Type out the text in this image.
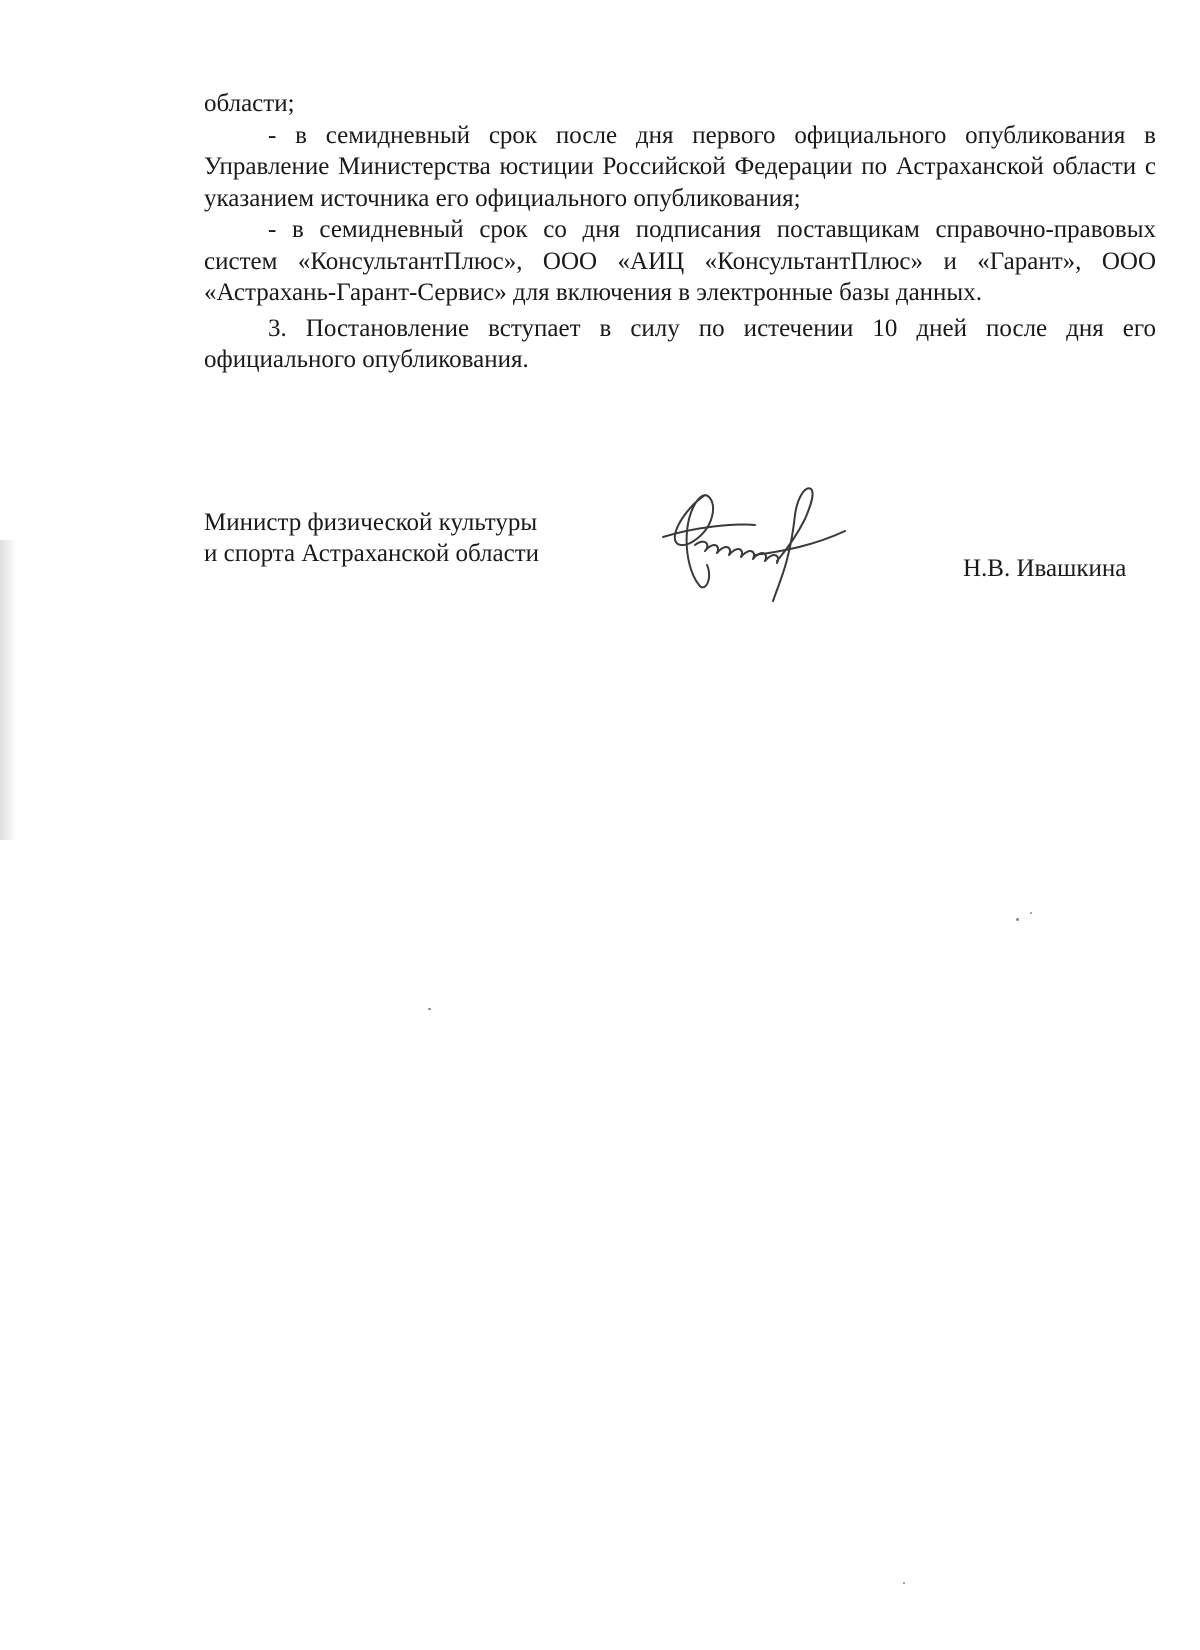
области;

- в семидневный срок после дня первого официального опубликования в Управление Министерства юстиции Российской Федерации по Астраханской области с указанием источника его официального опубликования;

- в семидневный срок со дня подписания поставщикам справочно-правовых систем «КонсультантПлюс», ООО «АИЦ «КонсультантПлюс» и «Гарант», ООО «Астрахань-Гарант-Сервис» для включения в электронные базы данных.

3. Постановление вступает в силу по истечении 10 дней после дня его официального опубликования.

Министр физической культуры
и спорта Астраханской области
Н.В. Ивашкина
